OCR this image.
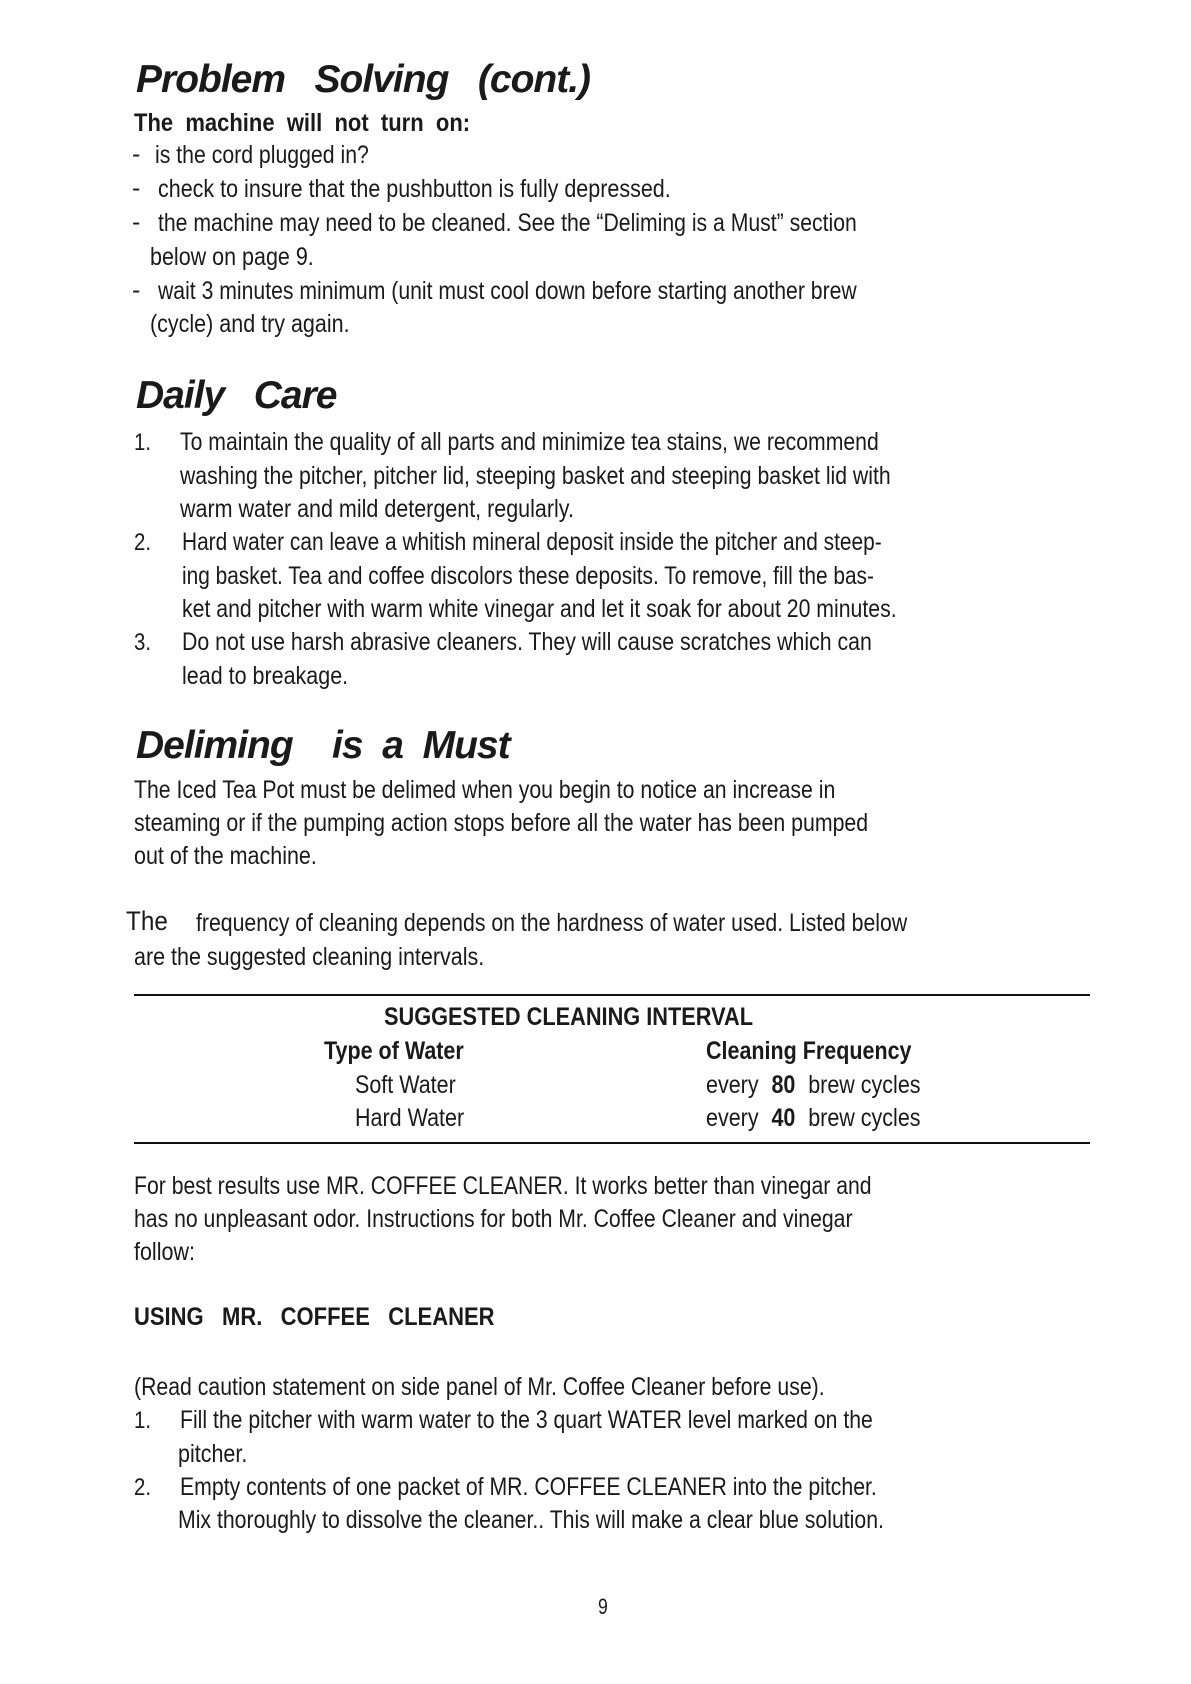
Problem   Solving   (cont.)
The  machine  will  not  turn  on:
- is the cord plugged in?
- check to insure that the pushbutton is fully depressed.
- the machine may need to be cleaned. See the “Deliming is a Must” section
below on page 9.
- wait 3 minutes minimum (unit must cool down before starting another brew
(cycle) and try again.
Daily   Care
1. To maintain the quality of all parts and minimize tea stains, we recommend
washing the pitcher, pitcher lid, steeping basket and steeping basket lid with
warm water and mild detergent, regularly.
2. Hard water can leave a whitish mineral deposit inside the pitcher and steep-
ing basket. Tea and coffee discolors these deposits. To remove, fill the bas-
ket and pitcher with warm white vinegar and let it soak for about 20 minutes.
3. Do not use harsh abrasive cleaners. They will cause scratches which can
lead to breakage.
Deliming    is  a  Must
The Iced Tea Pot must be delimed when you begin to notice an increase in
steaming or if the pumping action stops before all the water has been pumped
out of the machine.
The frequency of cleaning depends on the hardness of water used. Listed below
are the suggested cleaning intervals.
SUGGESTED CLEANING INTERVAL
Type of Water	Cleaning Frequency
Soft Water	every 80 brew cycles
Hard Water	every 40 brew cycles
For best results use MR. COFFEE CLEANER. It works better than vinegar and
has no unpleasant odor. Instructions for both Mr. Coffee Cleaner and vinegar
follow:
USING   MR.   COFFEE   CLEANER
(Read caution statement on side panel of Mr. Coffee Cleaner before use).
1. Fill the pitcher with warm water to the 3 quart WATER level marked on the
pitcher.
2. Empty contents of one packet of MR. COFFEE CLEANER into the pitcher.
Mix thoroughly to dissolve the cleaner.. This will make a clear blue solution.
9
